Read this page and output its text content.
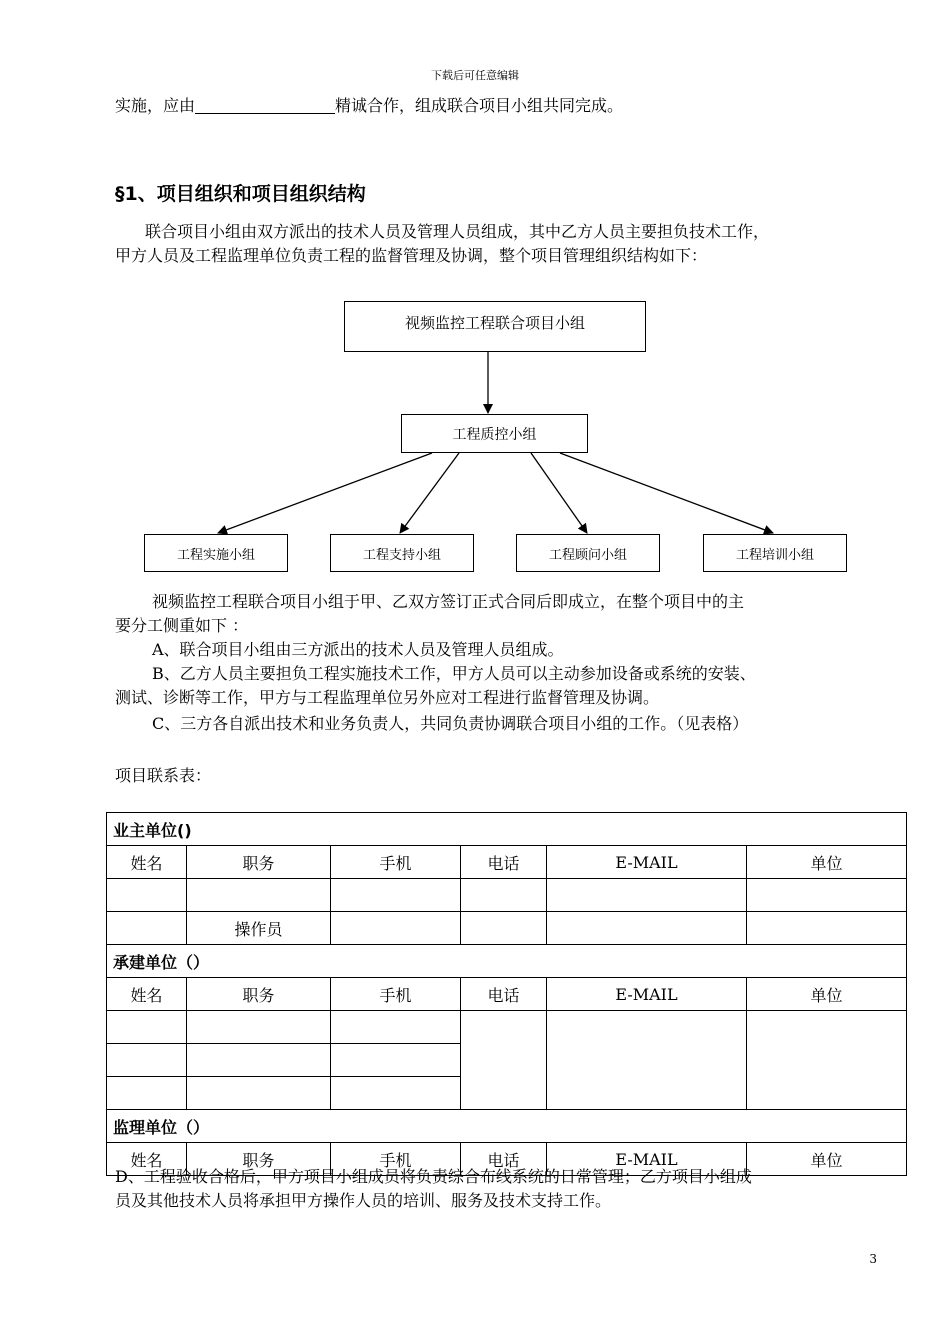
下载后可任意编辑
实施，应由	精诚合作，组成联合项目小组共同完成。
§1、项目组织和项目组织结构
联合项目小组由双方派出的技术人员及管理人员组成，其中乙方人员主要担负技术工作，
甲方人员及工程监理单位负责工程的监督管理及协调，整个项目管理组织结构如下：
视频监控工程联合项目小组
工程质控小组
工程实施小组	工程支持小组	工程顾问小组	工程培训小组
视频监控工程联合项目小组于甲、乙双方签订正式合同后即成立，在整个项目中的主
要分工侧重如下 ：
A、联合项目小组由三方派出的技术人员及管理人员组成。
B、乙方人员主要担负工程实施技术工作，甲方人员可以主动参加设备或系统的安装、
测试、诊断等工作，甲方与工程监理单位另外应对工程进行监督管理及协调。
C、三方各自派出技术和业务负责人，共同负责协调联合项目小组的工作。（见表格）
项目联系表：
业主单位()					
姓名	职务	手机	电话	E-MAIL	单位

	操作员				
承建单位（）					
姓名	职务	手机	电话	E-MAIL	单位

监理单位（）					
姓名	职务	手机	电话	E-MAIL	单位
D、工程验收合格后，甲方项目小组成员将负责综合布线系统的日常管理；乙方项目小组成
员及其他技术人员将承担甲方操作人员的培训、服务及技术支持工作。
3
